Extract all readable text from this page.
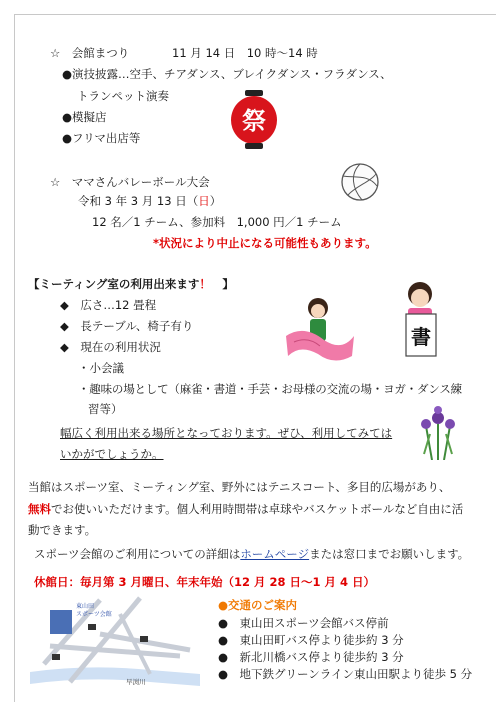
☆　会館まつり	11 月 14 日　10 時～14 時
●演技披露…空手、チアダンス、ブレイクダンス・フラダンス、
トランペット演奏
●模擬店
●フリマ出店等
祭
☆　ママさんバレーボール大会
令和 3 年 3 月 13 日（日）
12 名／1 チーム、参加料　1,000 円／1 チーム
*状況により中止になる可能性もあります。
【ミーティング室の利用出来ます！　】
◆　広さ…12 畳程
◆　長テーブル、椅子有り
◆　現在の利用状況
・小会議
・趣味の場として（麻雀・書道・手芸・お母様の交流の場・ヨガ・ダンス練
習等）
幅広く利用出来る場所となっております。ぜひ、利用してみては
いかがでしょうか。
書
当館はスポーツ室、ミーティング室、野外にはテニスコート、多目的広場があり、
無料でお使いいただけます。個人利用時間帯は卓球やバスケットボールなど自由に活
動できます。
スポーツ会館のご利用についての詳細はホームページまたは窓口までお願いします。
休館日：毎月第 3 月曜日、年末年始（12 月 28 日～1 月 4 日）
東山田
スポーツ会館
早渕川
●交通のご案内
●　東山田スポーツ会館バス停前
●　東山田町バス停より徒歩約 3 分
●　新北川橋バス停より徒歩約 3 分
●　地下鉄グリーンライン東山田駅より徒歩 5 分
